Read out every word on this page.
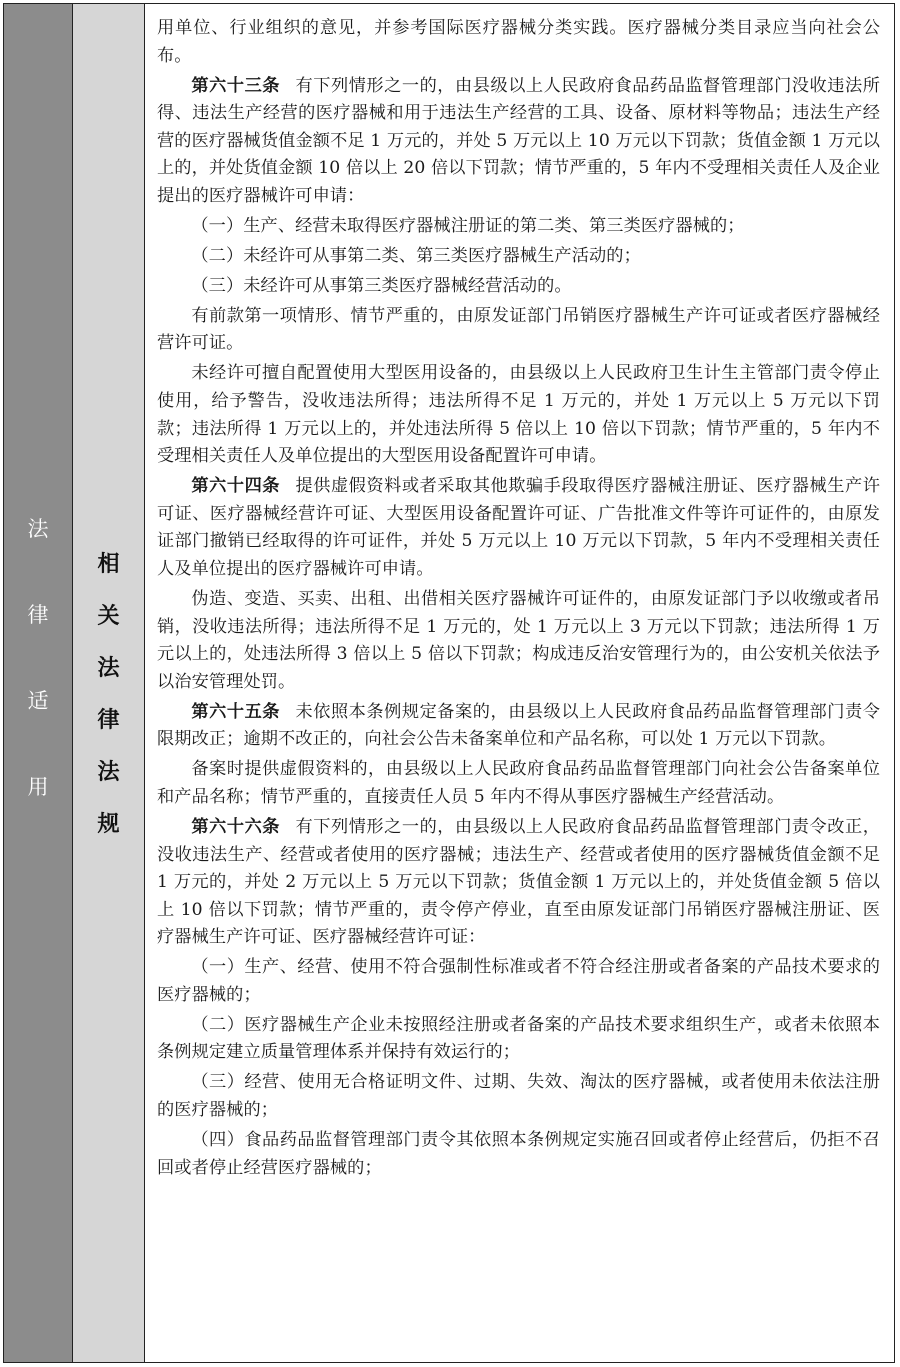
法
律
适
用
相
关
法
律
法
规

用单位、行业组织的意见，并参考国际医疗器械分类实践。医疗器械分类目录应当向社会公布。

第六十三条 有下列情形之一的，由县级以上人民政府食品药品监督管理部门没收违法所得、违法生产经营的医疗器械和用于违法生产经营的工具、设备、原材料等物品；违法生产经营的医疗器械货值金额不足 1 万元的，并处 5 万元以上 10 万元以下罚款；货值金额 1 万元以上的，并处货值金额 10 倍以上 20 倍以下罚款；情节严重的，5 年内不受理相关责任人及企业提出的医疗器械许可申请：

（一）生产、经营未取得医疗器械注册证的第二类、第三类医疗器械的；

（二）未经许可从事第二类、第三类医疗器械生产活动的；

（三）未经许可从事第三类医疗器械经营活动的。

有前款第一项情形、情节严重的，由原发证部门吊销医疗器械生产许可证或者医疗器械经营许可证。

未经许可擅自配置使用大型医用设备的，由县级以上人民政府卫生计生主管部门责令停止使用，给予警告，没收违法所得；违法所得不足 1 万元的，并处 1 万元以上 5 万元以下罚款；违法所得 1 万元以上的，并处违法所得 5 倍以上 10 倍以下罚款；情节严重的，5 年内不受理相关责任人及单位提出的大型医用设备配置许可申请。

第六十四条 提供虚假资料或者采取其他欺骗手段取得医疗器械注册证、医疗器械生产许可证、医疗器械经营许可证、大型医用设备配置许可证、广告批准文件等许可证件的，由原发证部门撤销已经取得的许可证件，并处 5 万元以上 10 万元以下罚款，5 年内不受理相关责任人及单位提出的医疗器械许可申请。

伪造、变造、买卖、出租、出借相关医疗器械许可证件的，由原发证部门予以收缴或者吊销，没收违法所得；违法所得不足 1 万元的，处 1 万元以上 3 万元以下罚款；违法所得 1 万元以上的，处违法所得 3 倍以上 5 倍以下罚款；构成违反治安管理行为的，由公安机关依法予以治安管理处罚。

第六十五条 未依照本条例规定备案的，由县级以上人民政府食品药品监督管理部门责令限期改正；逾期不改正的，向社会公告未备案单位和产品名称，可以处 1 万元以下罚款。

备案时提供虚假资料的，由县级以上人民政府食品药品监督管理部门向社会公告备案单位和产品名称；情节严重的，直接责任人员 5 年内不得从事医疗器械生产经营活动。

第六十六条 有下列情形之一的，由县级以上人民政府食品药品监督管理部门责令改正，没收违法生产、经营或者使用的医疗器械；违法生产、经营或者使用的医疗器械货值金额不足 1 万元的，并处 2 万元以上 5 万元以下罚款；货值金额 1 万元以上的，并处货值金额 5 倍以上 10 倍以下罚款；情节严重的，责令停产停业，直至由原发证部门吊销医疗器械注册证、医疗器械生产许可证、医疗器械经营许可证：

（一）生产、经营、使用不符合强制性标准或者不符合经注册或者备案的产品技术要求的医疗器械的；

（二）医疗器械生产企业未按照经注册或者备案的产品技术要求组织生产，或者未依照本条例规定建立质量管理体系并保持有效运行的；

（三）经营、使用无合格证明文件、过期、失效、淘汰的医疗器械，或者使用未依法注册的医疗器械的；

（四）食品药品监督管理部门责令其依照本条例规定实施召回或者停止经营后，仍拒不召回或者停止经营医疗器械的；
